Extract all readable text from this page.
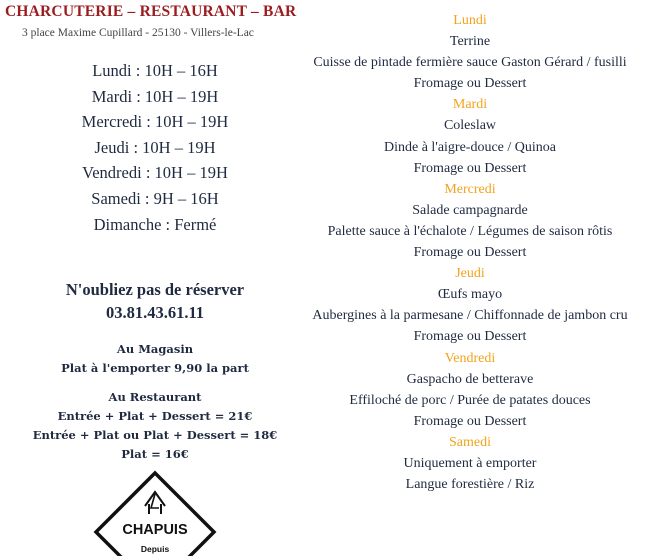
CHARCUTERIE – RESTAURANT – BAR
3 place Maxime Cupillard - 25130 - Villers-le-Lac
Lundi : 10H – 16H
Mardi : 10H – 19H
Mercredi : 10H – 19H
Jeudi : 10H – 19H
Vendredi : 10H – 19H
Samedi : 9H – 16H
Dimanche : Fermé
N'oubliez pas de réserver
03.81.43.61.11
Au Magasin
Plat à l'emporter 9,90 la part
Au Restaurant
Entrée + Plat + Dessert = 21€
Entrée + Plat ou Plat + Dessert = 18€
Plat = 16€
CHAPUIS
Depuis
Lundi
Terrine
Cuisse de pintade fermière sauce Gaston Gérard / fusilli
Fromage ou Dessert
Mardi
Coleslaw
Dinde à l'aigre-douce / Quinoa
Fromage ou Dessert
Mercredi
Salade campagnarde
Palette sauce à l'échalote / Légumes de saison rôtis
Fromage ou Dessert
Jeudi
Œufs mayo
Aubergines à la parmesane / Chiffonnade de jambon cru
Fromage ou Dessert
Vendredi
Gaspacho de betterave
Effiloché de porc / Purée de patates douces
Fromage ou Dessert
Samedi
Uniquement à emporter
Langue forestière / Riz
